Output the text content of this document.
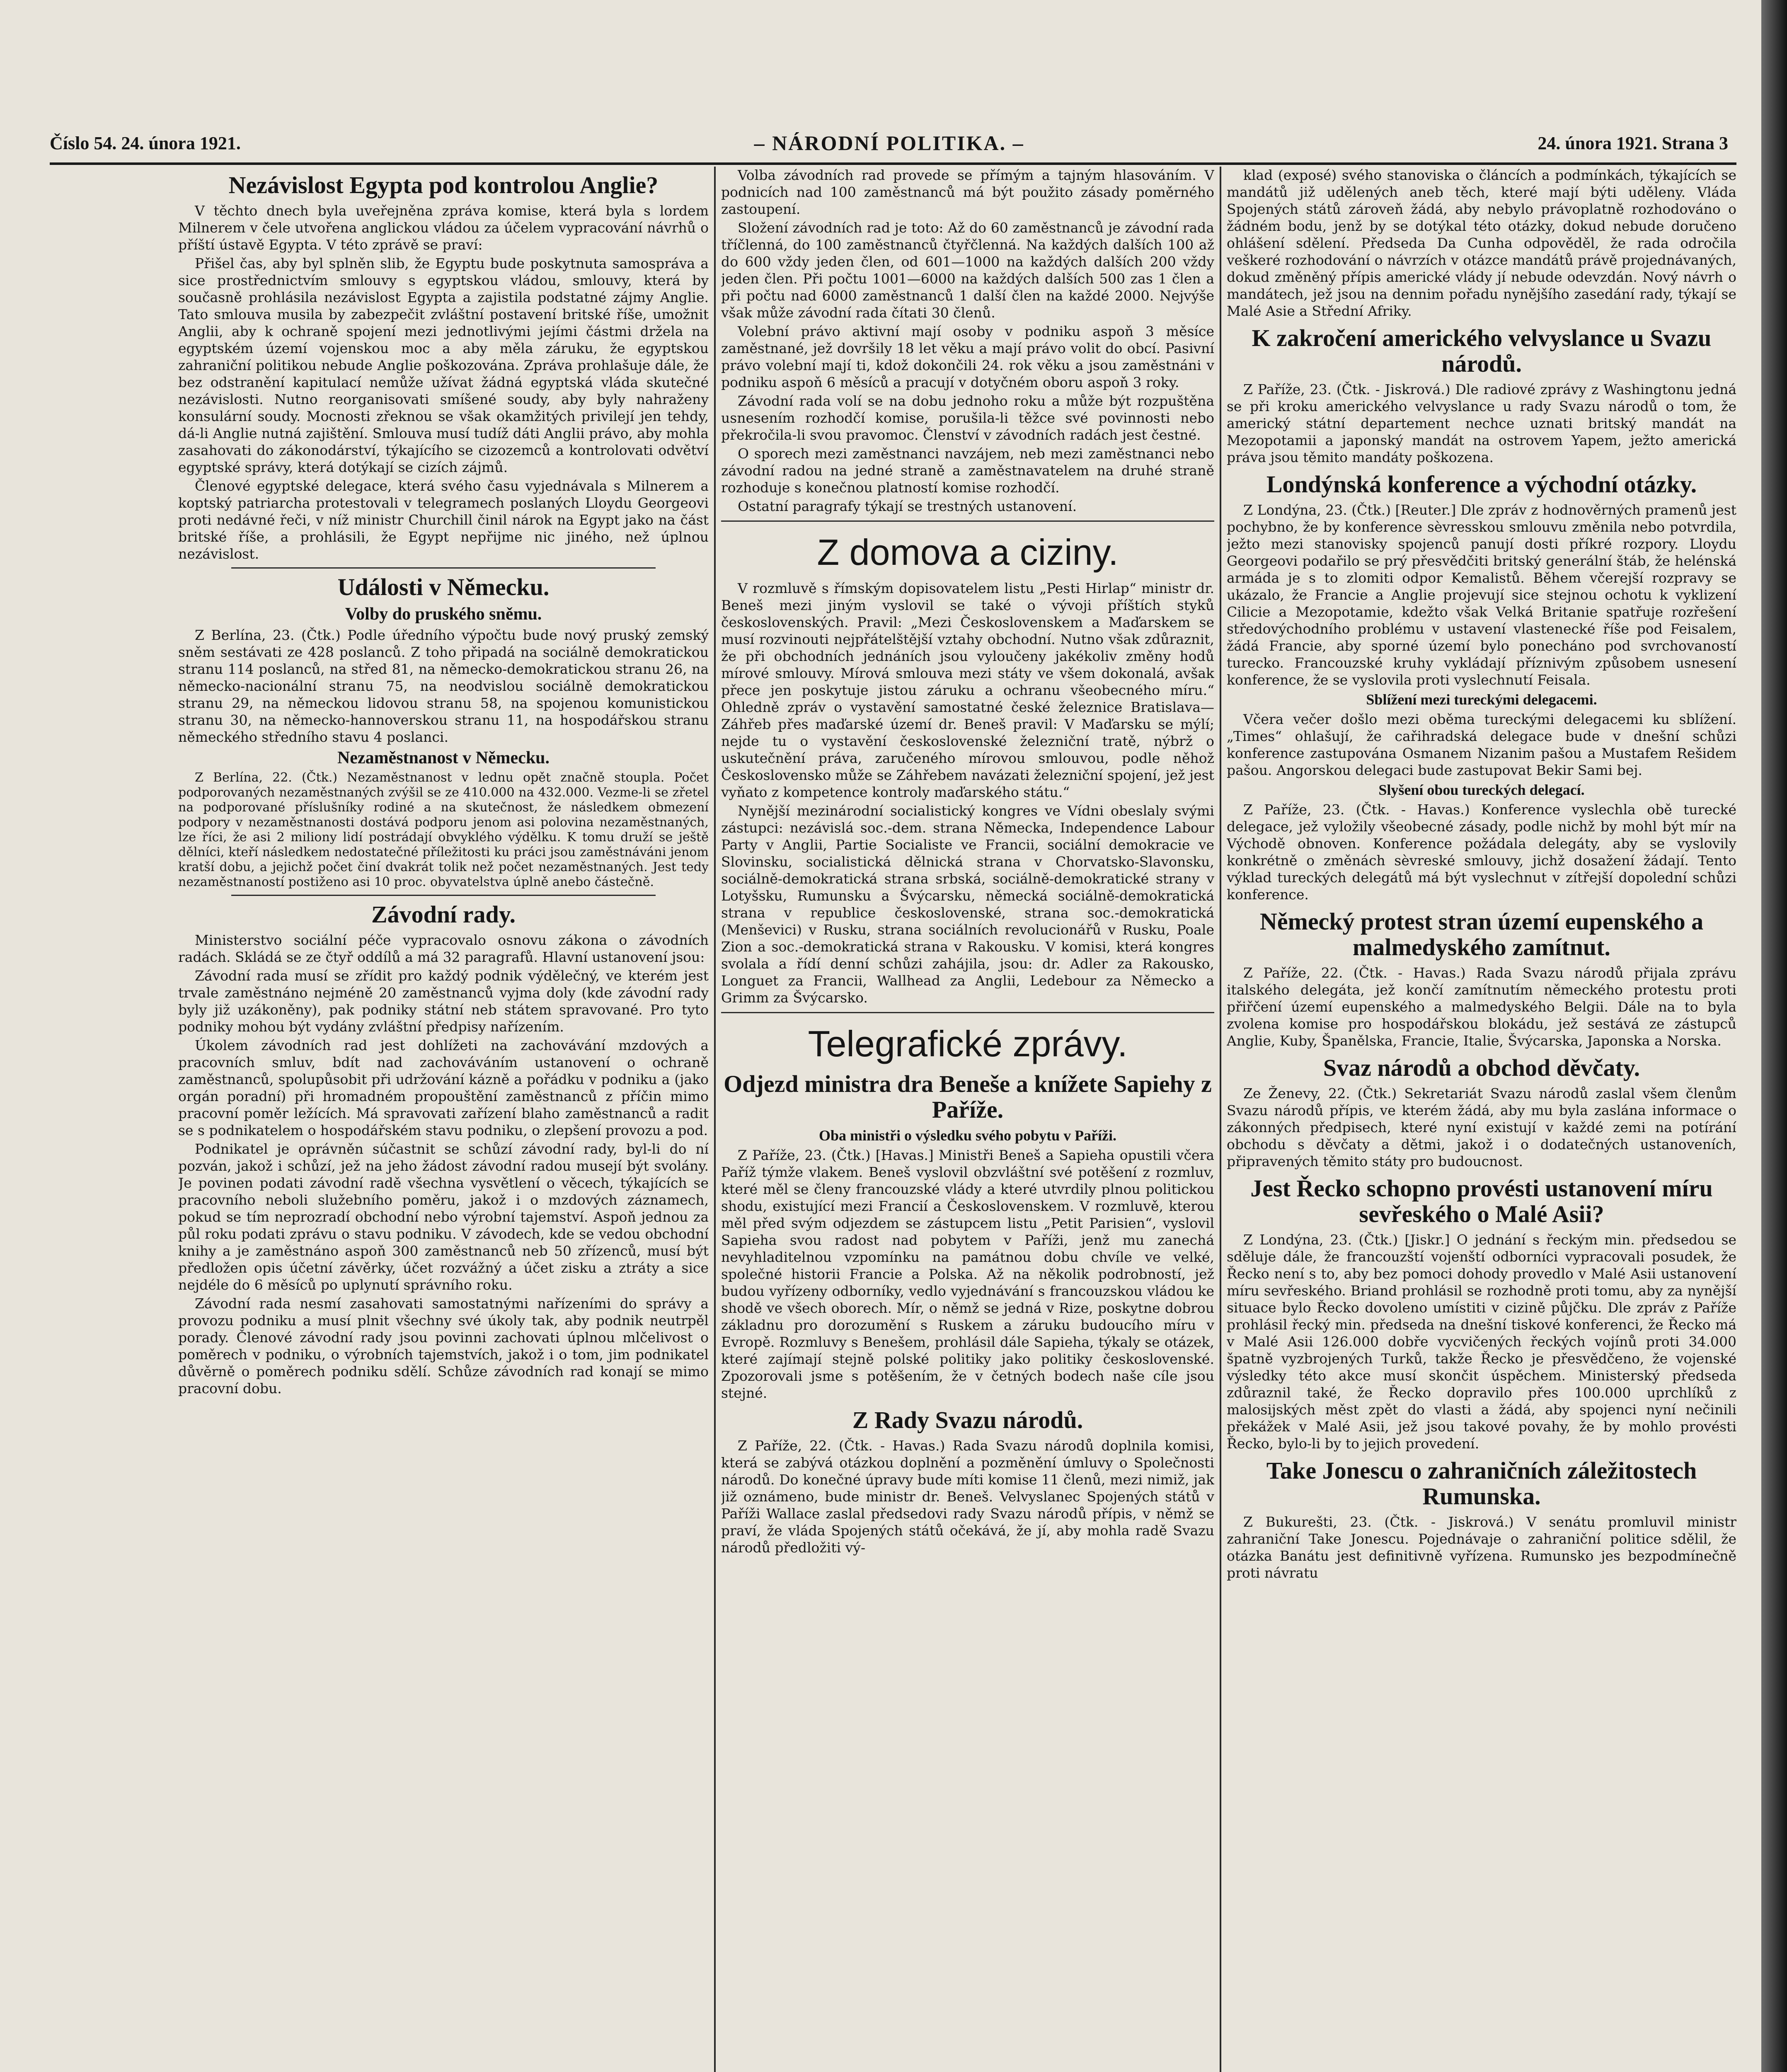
Číslo 54. 24. února 1921.	– NÁRODNÍ POLITIKA. –	24. února 1921. Strana 3
Nezávislost Egypta pod kontrolou Anglie?

V těchto dnech byla uveřejněna zpráva komise, která byla s lordem Milnerem v čele utvořena anglickou vládou za účelem vypracování návrhů o příští ústavě Egypta. V této zprávě se praví:

Přišel čas, aby byl splněn slib, že Egyptu bude poskytnuta samospráva a sice prostřednictvím smlouvy s egyptskou vládou, smlouvy, která by současně prohlásila nezávislost Egypta a zajistila podstatné zájmy Anglie. Tato smlouva musila by zabezpečit zvláštní postavení britské říše, umožnit Anglii, aby k ochraně spojení mezi jednotlivými jejími částmi držela na egyptském území vojenskou moc a aby měla záruku, že egyptskou zahraniční politikou nebude Anglie poškozována. Zpráva prohlašuje dále, že bez odstranění kapitulací nemůže užívat žádná egyptská vláda skutečné nezávislosti. Nutno reorganisovati smíšené soudy, aby byly nahraženy konsulární soudy. Mocnosti zřeknou se však okamžitých privilejí jen tehdy, dá-li Anglie nutná zajištění. Smlouva musí tudíž dáti Anglii právo, aby mohla zasahovati do zákonodárství, týkajícího se cizozemců a kontrolovati odvětví egyptské správy, která dotýkají se cizích zájmů.

Členové egyptské delegace, která svého času vyjednávala s Milnerem a koptský patriarcha protestovali v telegramech poslaných Lloydu Georgeovi proti nedávné řeči, v níž ministr Churchill činil nárok na Egypt jako na část britské říše, a prohlásili, že Egypt nepřijme nic jiného, než úplnou nezávislost.

Události v Německu.
Volby do pruského sněmu.

Z Berlína, 23. (Čtk.) Podle úředního výpočtu bude nový pruský zemský sněm sestávati ze 428 poslanců. Z toho připadá na sociálně demokratickou stranu 114 poslanců, na střed 81, na německo-demokratickou stranu 26, na německo-nacionální stranu 75, na neodvislou sociálně demokratickou stranu 29, na německou lidovou stranu 58, na spojenou komunistickou stranu 30, na německo-hannoverskou stranu 11, na hospodářskou stranu německého středního stavu 4 poslanci.

Nezaměstnanost v Německu.

Z Berlína, 22. (Čtk.) Nezaměstnanost v lednu opět značně stoupla. Počet podporovaných nezaměstnaných zvýšil se ze 410.000 na 432.000. Vezme-li se zřetel na podporované příslušníky rodiné a na skutečnost, že následkem obmezení podpory v nezaměstnanosti dostává podporu jenom asi polovina nezaměstnaných, lze říci, že asi 2 miliony lidí postrádají obvyklého výdělku. K tomu druží se ještě dělníci, kteří následkem nedostatečné příležitosti ku práci jsou zaměstnáváni jenom kratší dobu, a jejichž počet činí dvakrát tolik než počet nezaměstnaných. Jest tedy nezaměstnaností postiženo asi 10 proc. obyvatelstva úplně anebo částečně.

Závodní rady.

Ministerstvo sociální péče vypracovalo osnovu zákona o závodních radách. Skládá se ze čtyř oddílů a má 32 paragrafů. Hlavní ustanovení jsou:

Závodní rada musí se zřídit pro každý podnik výdělečný, ve kterém jest trvale zaměstnáno nejméně 20 zaměstnanců vyjma doly (kde závodní rady byly již uzákoněny), pak podniky státní neb státem spravované. Pro tyto podniky mohou být vydány zvláštní předpisy nařízením.

Úkolem závodních rad jest dohlížeti na zachovávání mzdových a pracovních smluv, bdít nad zachováváním ustanovení o ochraně zaměstnanců, spolupůsobit při udržování kázně a pořádku v podniku a (jako orgán poradní) při hromadném propouštění zaměstnanců z příčin mimo pracovní poměr ležících. Má spravovati zařízení blaho zaměstnanců a radit se s podnikatelem o hospodářském stavu podniku, o zlepšení provozu a pod.

Podnikatel je oprávněn súčastnit se schůzí závodní rady, byl-li do ní pozván, jakož i schůzí, jež na jeho žádost závodní radou musejí být svolány. Je povinen podati závodní radě všechna vysvětlení o věcech, týkajících se pracovního neboli služebního poměru, jakož i o mzdových záznamech, pokud se tím neprozradí obchodní nebo výrobní tajemství. Aspoň jednou za půl roku podati zprávu o stavu podniku. V závodech, kde se vedou obchodní knihy a je zaměstnáno aspoň 300 zaměstnanců neb 50 zřízenců, musí být předložen opis účetní závěrky, účet rozvážný a účet zisku a ztráty a sice nejdéle do 6 měsíců po uplynutí správního roku.

Závodní rada nesmí zasahovati samostatnými nařízeními do správy a provozu podniku a musí plnit všechny své úkoly tak, aby podnik neutrpěl porady. Členové závodní rady jsou povinni zachovati úplnou mlčelivost o poměrech v podniku, o výrobních tajemstvích, jakož i o tom, jim podnikatel důvěrně o poměrech podniku sdělí. Schůze závodních rad konají se mimo pracovní dobu.

Volba závodních rad provede se přímým a tajným hlasováním. V podnicích nad 100 zaměstnanců má být použito zásady poměrného zastoupení.

Složení závodních rad je toto: Až do 60 zaměstnanců je závodní rada tříčlenná, do 100 zaměstnanců čtyřčlenná. Na každých dalších 100 až do 600 vždy jeden člen, od 601—1000 na každých dalších 200 vždy jeden člen. Při počtu 1001—6000 na každých dalších 500 zas 1 člen a při počtu nad 6000 zaměstnanců 1 další člen na každé 2000. Nejvýše však může závodní rada čítati 30 členů.

Volební právo aktivní mají osoby v podniku aspoň 3 měsíce zaměstnané, jež dovršily 18 let věku a mají právo volit do obcí. Pasivní právo volební mají ti, kdož dokončili 24. rok věku a jsou zaměstnáni v podniku aspoň 6 měsíců a pracují v dotyčném oboru aspoň 3 roky.

Závodní rada volí se na dobu jednoho roku a může být rozpuštěna usnesením rozhodčí komise, porušila-li těžce své povinnosti nebo překročila-li svou pravomoc. Členství v závodních radách jest čestné.

O sporech mezi zaměstnanci navzájem, neb mezi zaměstnanci nebo závodní radou na jedné straně a zaměstnavatelem na druhé straně rozhoduje s konečnou platností komise rozhodčí.

Ostatní paragrafy týkají se trestných ustanovení.

Z domova a ciziny.

V rozmluvě s římským dopisovatelem listu „Pesti Hirlap“ ministr dr. Beneš mezi jiným vyslovil se také o vývoji příštích styků československých. Pravil: „Mezi Československem a Maďarskem se musí rozvinouti nejpřátelštější vztahy obchodní. Nutno však zdůraznit, že při obchodních jednáních jsou vyloučeny jakékoliv změny hodů mírové smlouvy. Mírová smlouva mezi státy ve všem dokonalá, avšak přece jen poskytuje jistou záruku a ochranu všeobecného míru.“ Ohledně zpráv o vystavění samostatné české železnice Bratislava—Záhřeb přes maďarské území dr. Beneš pravil: V Maďarsku se mýlí; nejde tu o vystavění československé železniční tratě, nýbrž o uskutečnění práva, zaručeného mírovou smlouvou, podle něhož Československo může se Záhřebem navázati železniční spojení, jež jest vyňato z kompetence kontroly maďarského státu.“

Nynější mezinárodní socialistický kongres ve Vídni obeslaly svými zástupci: nezávislá soc.-dem. strana Německa, Independence Labour Party v Anglii, Partie Socialiste ve Francii, sociální demokracie ve Slovinsku, socialistická dělnická strana v Chorvatsko-Slavonsku, sociálně-demokratická strana srbská, sociálně-demokratické strany v Lotyšsku, Rumunsku a Švýcarsku, německá sociálně-demokratická strana v republice československé, strana soc.-demokratická (Menševici) v Rusku, strana sociálních revolucionářů v Rusku, Poale Zion a soc.-demokratická strana v Rakousku. V komisi, která kongres svolala a řídí denní schůzi zahájila, jsou: dr. Adler za Rakousko, Longuet za Francii, Wallhead za Anglii, Ledebour za Německo a Grimm za Švýcarsko.

Telegrafické zprávy.
Odjezd ministra dra Beneše a knížete Sapiehy z Paříže.
Oba ministři o výsledku svého pobytu v Paříži.

Z Paříže, 23. (Čtk.) [Havas.] Ministři Beneš a Sapieha opustili včera Paříž týmže vlakem. Beneš vyslovil obzvláštní své potěšení z rozmluv, které měl se členy francouzské vlády a které utvrdily plnou politickou shodu, existující mezi Francií a Československem. V rozmluvě, kterou měl před svým odjezdem se zástupcem listu „Petit Parisien“, vyslovil Sapieha svou radost nad pobytem v Paříži, jenž mu zanechá nevyhladitelnou vzpomínku na památnou dobu chvíle ve velké, společné historii Francie a Polska. Až na několik podrobností, jež budou vyřízeny odborníky, vedlo vyjednávání s francouzskou vládou ke shodě ve všech oborech. Mír, o němž se jedná v Rize, poskytne dobrou základnu pro dorozumění s Ruskem a záruku budoucího míru v Evropě. Rozmluvy s Benešem, prohlásil dále Sapieha, týkaly se otázek, které zajímají stejně polské politiky jako politiky československé. Zpozorovali jsme s potěšením, že v četných bodech naše cíle jsou stejné.

Z Rady Svazu národů.

Z Paříže, 22. (Čtk. - Havas.) Rada Svazu národů doplnila komisi, která se zabývá otázkou doplnění a pozměnění úmluvy o Společnosti národů. Do konečné úpravy bude míti komise 11 členů, mezi nimiž, jak již oznámeno, bude ministr dr. Beneš. Velvyslanec Spojených států v Paříži Wallace zaslal předsedovi rady Svazu národů přípis, v němž se praví, že vláda Spojených států očekává, že jí, aby mohla radě Svazu národů předložiti vý-

klad (exposé) svého stanoviska o článcích a podmínkách, týkajících se mandátů již udělených aneb těch, které mají býti uděleny. Vláda Spojených států zároveň žádá, aby nebylo právoplatně rozhodováno o žádném bodu, jenž by se dotýkal této otázky, dokud nebude doručeno ohlášení sdělení. Předseda Da Cunha odpověděl, že rada odročila veškeré rozhodování o návrzích v otázce mandátů právě projednávaných, dokud změněný přípis americké vlády jí nebude odevzdán. Nový návrh o mandátech, jež jsou na dennim pořadu nynějšího zasedání rady, týkají se Malé Asie a Střední Afriky.

K zakročení amerického velvyslance u Svazu národů.

Z Paříže, 23. (Čtk. - Jiskrová.) Dle radiové zprávy z Washingtonu jedná se při kroku amerického velvyslance u rady Svazu národů o tom, že americký státní departement nechce uznati britský mandát na Mezopotamii a japonský mandát na ostrovem Yapem, ježto americká práva jsou těmito mandáty poškozena.

Londýnská konference a východní otázky.

Z Londýna, 23. (Čtk.) [Reuter.] Dle zpráv z hodnověrných pramenů jest pochybno, že by konference sèvresskou smlouvu změnila nebo potvrdila, ježto mezi stanovisky spojenců panují dosti příkré rozpory. Lloydu Georgeovi podařilo se prý přesvědčiti britský generální štáb, že helénská armáda je s to zlomiti odpor Kemalistů. Během včerejší rozpravy se ukázalo, že Francie a Anglie projevují sice stejnou ochotu k vyklizení Cilicie a Mezopotamie, kdežto však Velká Britanie spatřuje rozřešení středovýchodního problému v ustavení vlastenecké říše pod Feisalem, žádá Francie, aby sporné území bylo ponecháno pod svrchovaností turecko. Francouzské kruhy vykládají příznivým způsobem usnesení konference, že se vyslovila proti vyslechnutí Feisala.

Sblížení mezi tureckými delegacemi.

Včera večer došlo mezi oběma tureckými delegacemi ku sblížení. „Times“ ohlašují, že cařihradská delegace bude v dnešní schůzi konference zastupována Osmanem Nizanim pašou a Mustafem Rešidem pašou. Angorskou delegaci bude zastupovat Bekir Sami bej.

Slyšení obou tureckých delegací.

Z Paříže, 23. (Čtk. - Havas.) Konference vyslechla obě turecké delegace, jež vyložily všeobecné zásady, podle nichž by mohl být mír na Východě obnoven. Konference požádala delegáty, aby se vyslovily konkrétně o změnách sèvreské smlouvy, jichž dosažení žádají. Tento výklad tureckých delegátů má být vyslechnut v zítřejší dopolední schůzi konference.

Německý protest stran území eupenského a malmedyského zamítnut.

Z Paříže, 22. (Čtk. - Havas.) Rada Svazu národů přijala zprávu italského delegáta, jež končí zamítnutím německého protestu proti přiřčení území eupenského a malmedyského Belgii. Dále na to byla zvolena komise pro hospodářskou blokádu, jež sestává ze zástupců Anglie, Kuby, Španělska, Francie, Italie, Švýcarska, Japonska a Norska.

Svaz národů a obchod děvčaty.

Ze Ženevy, 22. (Čtk.) Sekretariát Svazu národů zaslal všem členům Svazu národů přípis, ve kterém žádá, aby mu byla zaslána informace o zákonných předpisech, které nyní existují v každé zemi na potírání obchodu s děvčaty a dětmi, jakož i o dodatečných ustanoveních, připravených těmito státy pro budoucnost.

Jest Řecko schopno provésti ustanovení míru sevřeského o Malé Asii?

Z Londýna, 23. (Čtk.) [Jiskr.] O jednání s řeckým min. předsedou se sděluje dále, že francouzští vojenští odborníci vypracovali posudek, že Řecko není s to, aby bez pomoci dohody provedlo v Malé Asii ustanovení míru sevřeského. Briand prohlásil se rozhodně proti tomu, aby za nynější situace bylo Řecko dovoleno umístiti v cizině půjčku. Dle zpráv z Paříže prohlásil řecký min. předseda na dnešní tiskové konferenci, že Řecko má v Malé Asii 126.000 dobře vycvičených řeckých vojínů proti 34.000 špatně vyzbrojených Turků, takže Řecko je přesvědčeno, že vojenské výsledky této akce musí skončit úspěchem. Ministerský předseda zdůraznil také, že Řecko dopravilo přes 100.000 uprchlíků z malosijských měst zpět do vlasti a žádá, aby spojenci nyní nečinili překážek v Malé Asii, jež jsou takové povahy, že by mohlo provésti Řecko, bylo-li by to jejich provedení.

Take Jonescu o zahraničních záležitostech Rumunska.

Z Bukurešti, 23. (Čtk. - Jiskrová.) V senátu promluvil ministr zahraniční Take Jonescu. Pojednávaje o zahraniční politice sdělil, že otázka Banátu jest definitivně vyřízena. Rumunsko jes bezpodmínečně proti návratu
